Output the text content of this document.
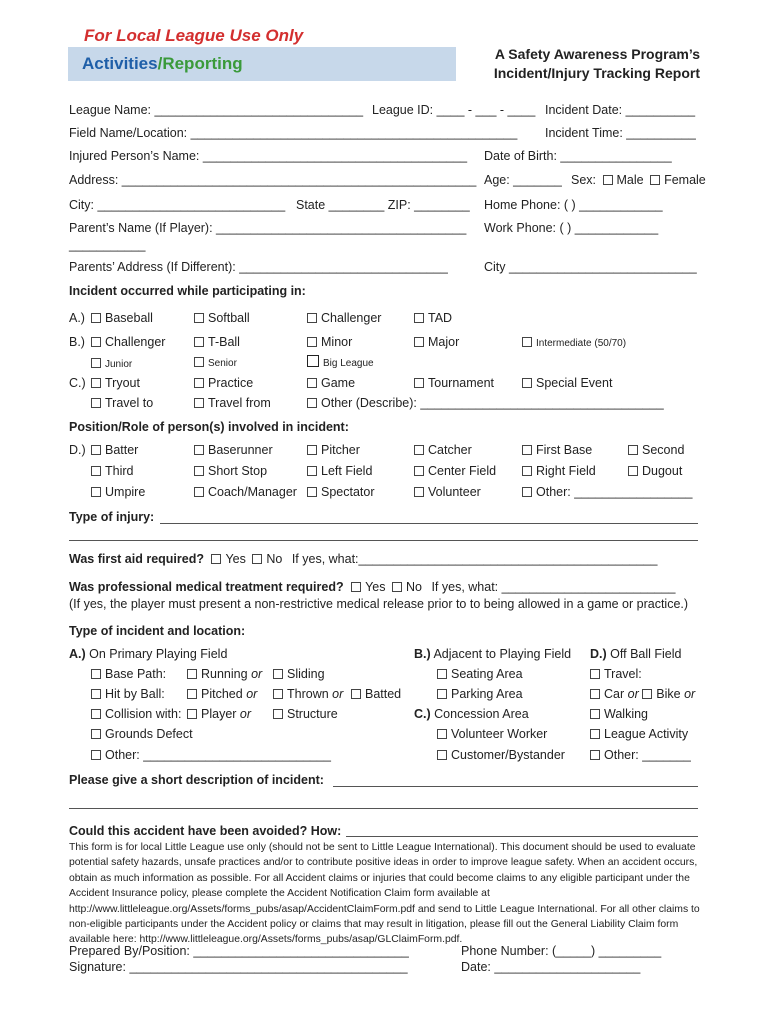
For Local League Use Only
Activities/Reporting	A Safety Awareness Program’s
Incident/Injury Tracking Report
League Name: ______________________________ League ID: ____ - ___ - ____ Incident Date: __________
Field Name/Location: _______________________________________________ Incident Time: __________
Injured Person’s Name: ______________________________________ Date of Birth: ________________
Address: ___________________________________________________ Age: _______ Sex: Male Female
City: ___________________________ State ________ ZIP: ________ Home Phone: ( ) ____________
Parent’s Name (If Player): ____________________________________ Work Phone: ( ) ____________
___________
Parents’ Address (If Different): ______________________________	City ___________________________
Incident occurred while participating in:
A.)	Baseball	Softball	Challenger	TAD
B.)	Challenger	T-Ball	Minor	Major	Intermediate (50/70)
Junior	Senior	Big League
C.)	Tryout	Practice	Game	Tournament	Special Event
Travel to	Travel from	Other (Describe): ___________________________________
Position/Role of person(s) involved in incident:
D.)	Batter	Baserunner	Pitcher	Catcher	First Base	Second
Third	Short Stop	Left Field	Center Field	Right Field	Dugout
Umpire	Coach/Manager	Spectator	Volunteer	Other: _________________
Type of injury:
Was first aid required? Yes No If yes, what:___________________________________________
Was professional medical treatment required? Yes No If yes, what: _________________________
(If yes, the player must present a non-restrictive medical release prior to to being allowed in a game or practice.)
Type of incident and location:
A.) On Primary Playing Field	B.) Adjacent to Playing Field D.) Off Ball Field
Base Path:	Running or	Sliding	Seating Area	Travel:
Hit by Ball:	Pitched or	Thrown or	Batted	Parking Area	Car or Bike or
Collision with:	Player or	Structure	C.) Concession Area	Walking
Grounds Defect	Volunteer Worker	League Activity
Other: ___________________________	Customer/Bystander	Other: _______
Please give a short description of incident:
Could this accident have been avoided? How:
This form is for local Little League use only (should not be sent to Little League International). This document should be used to evaluate potential safety hazards, unsafe practices and/or to contribute positive ideas in order to improve league safety. When an accident occurs, obtain as much information as possible. For all Accident claims or injuries that could become claims to any eligible participant under the Accident Insurance policy, please complete the Accident Notification Claim form available at http://www.littleleague.org/Assets/forms_pubs/asap/AccidentClaimForm.pdf and send to Little League International. For all other claims to non-eligible participants under the Accident policy or claims that may result in litigation, please fill out the General Liability Claim form available here: http://www.littleleague.org/Assets/forms_pubs/asap/GLClaimForm.pdf.
Prepared By/Position: _______________________________	Phone Number: (_____) _________
Signature: ________________________________________	Date: _____________________
